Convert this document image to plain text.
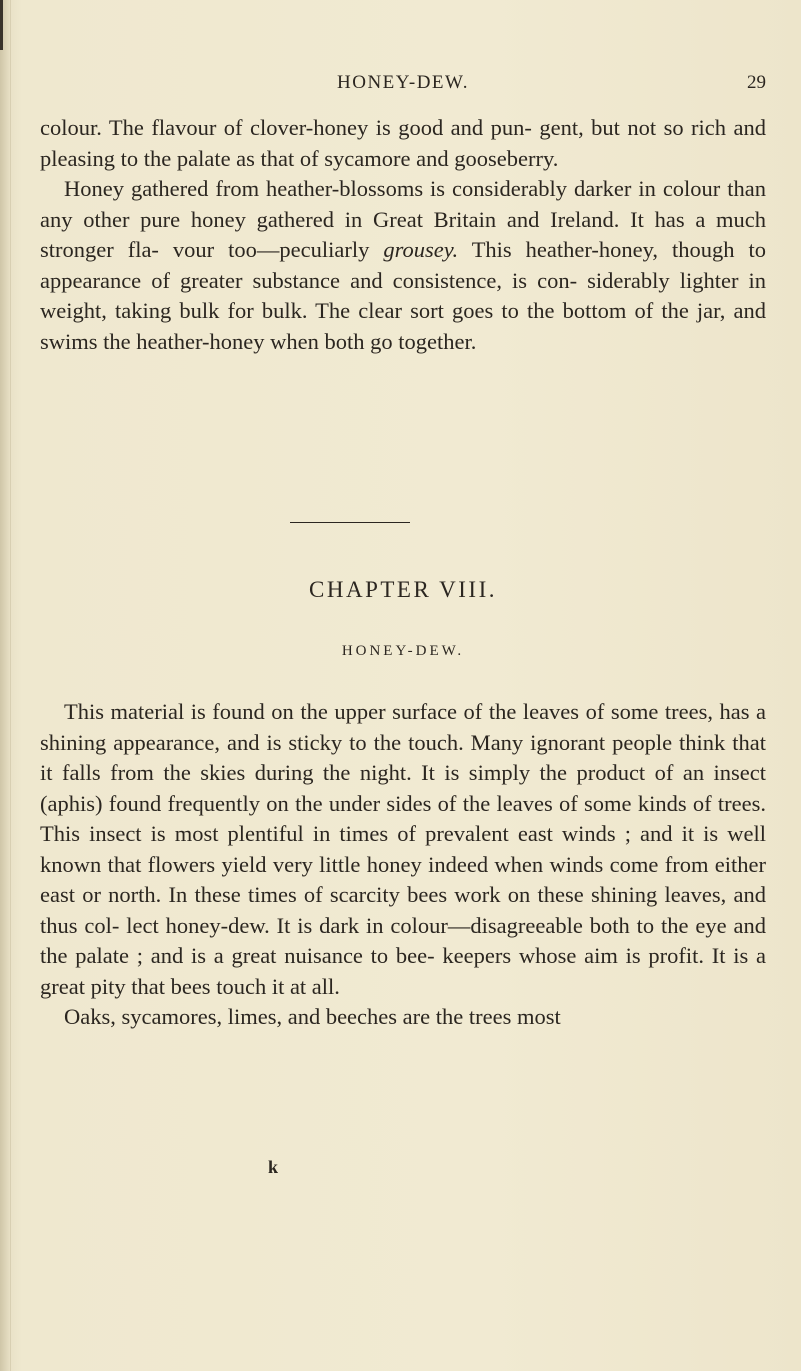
HONEY-DEW.	29

colour. The flavour of clover-honey is good and pun- gent, but not so rich and pleasing to the palate as that of sycamore and gooseberry.

Honey gathered from heather-blossoms is considerably darker in colour than any other pure honey gathered in Great Britain and Ireland. It has a much stronger fla- vour too—peculiarly grousey. This heather-honey, though to appearance of greater substance and consistence, is con- siderably lighter in weight, taking bulk for bulk. The clear sort goes to the bottom of the jar, and swims the heather-honey when both go together.

CHAPTER VIII.
HONEY-DEW.

This material is found on the upper surface of the leaves of some trees, has a shining appearance, and is sticky to the touch. Many ignorant people think that it falls from the skies during the night. It is simply the product of an insect (aphis) found frequently on the under sides of the leaves of some kinds of trees. This insect is most plentiful in times of prevalent east winds ; and it is well known that flowers yield very little honey indeed when winds come from either east or north. In these times of scarcity bees work on these shining leaves, and thus col- lect honey-dew. It is dark in colour—disagreeable both to the eye and the palate ; and is a great nuisance to bee- keepers whose aim is profit. It is a great pity that bees touch it at all.

Oaks, sycamores, limes, and beeches are the trees most

k
